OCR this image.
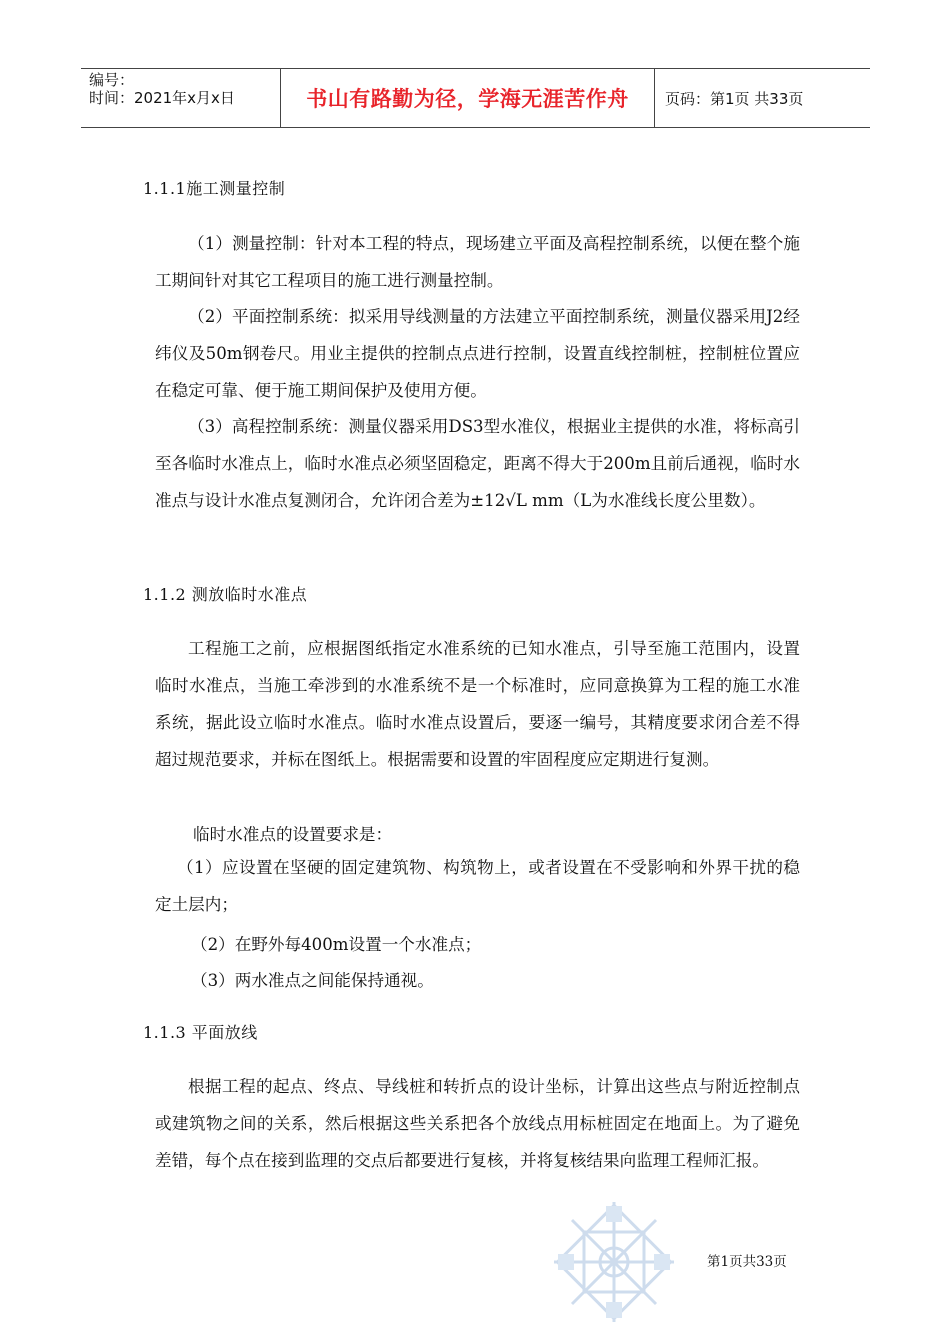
编号：
时间：2021年x月x日	书山有路勤为径，学海无涯苦作舟 页码：第1页 共33页
1.1.1施工测量控制

（1）测量控制：针对本工程的特点，现场建立平面及高程控制系统，以便在整个施工期间针对其它工程项目的施工进行测量控制。

（2）平面控制系统：拟采用导线测量的方法建立平面控制系统，测量仪器采用J2经纬仪及50m钢卷尺。用业主提供的控制点点进行控制，设置直线控制桩，控制桩位置应在稳定可靠、便于施工期间保护及使用方便。

（3）高程控制系统：测量仪器采用DS3型水准仪，根据业主提供的水准，将标高引至各临时水准点上，临时水准点必须坚固稳定，距离不得大于200m且前后通视，临时水准点与设计水准点复测闭合，允许闭合差为±12√L mm（L为水准线长度公里数）。

1.1.2 测放临时水准点

工程施工之前，应根据图纸指定水准系统的已知水准点，引导至施工范围内，设置临时水准点，当施工牵涉到的水准系统不是一个标准时，应同意换算为工程的施工水准系统，据此设立临时水准点。临时水准点设置后，要逐一编号，其精度要求闭合差不得超过规范要求，并标在图纸上。根据需要和设置的牢固程度应定期进行复测。

临时水准点的设置要求是：

（1）应设置在坚硬的固定建筑物、构筑物上，或者设置在不受影响和外界干扰的稳定土层内；

（2）在野外每400m设置一个水准点；

（3）两水准点之间能保持通视。

1.1.3 平面放线

根据工程的起点、终点、导线桩和转折点的设计坐标，计算出这些点与附近控制点或建筑物之间的关系，然后根据这些关系把各个放线点用标桩固定在地面上。为了避免差错，每个点在接到监理的交点后都要进行复核，并将复核结果向监理工程师汇报。

第1页共33页
